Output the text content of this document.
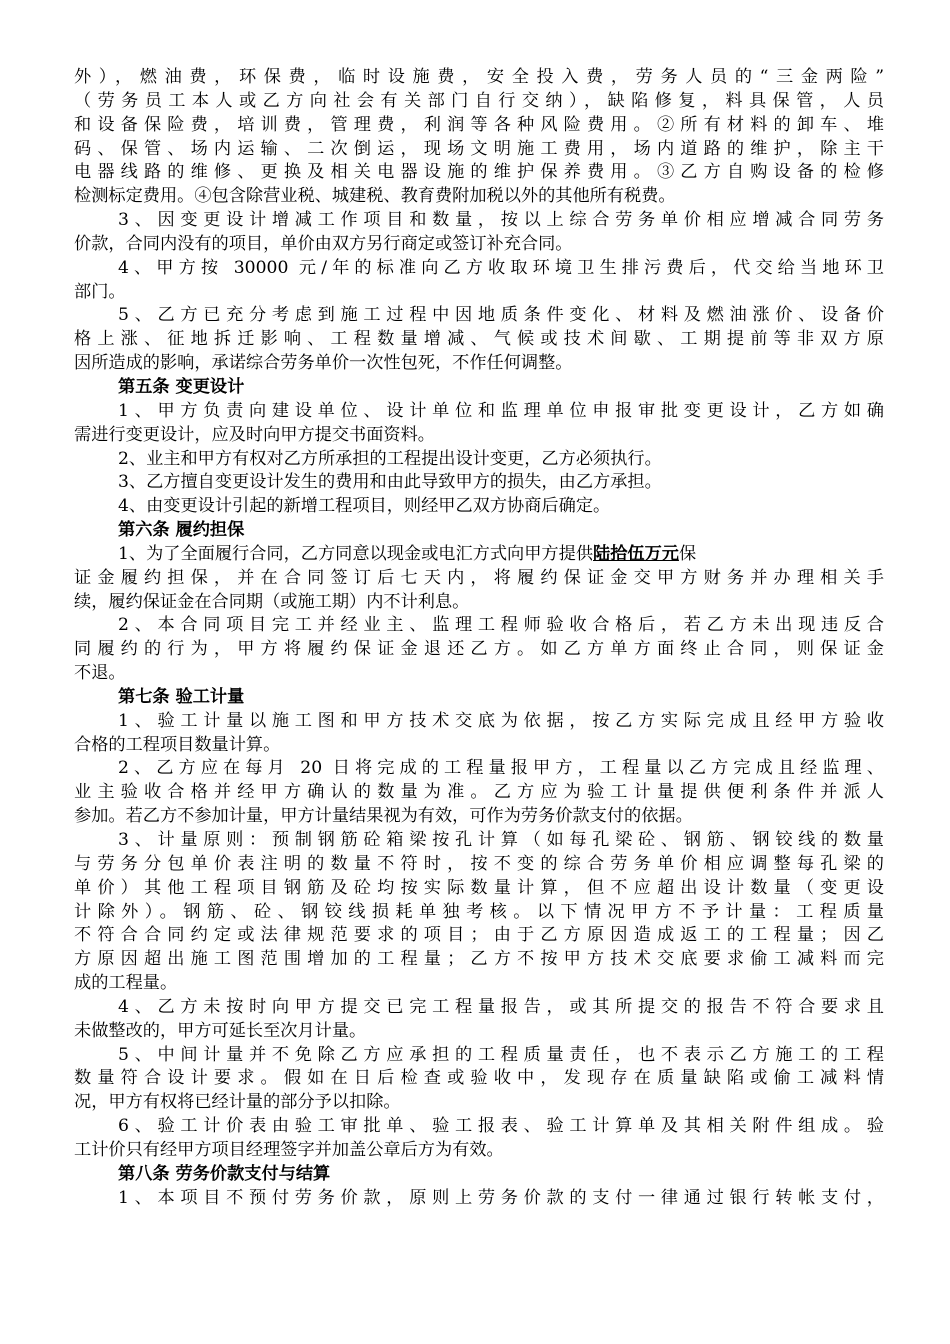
外），燃油费，环保费，临时设施费，安全投入费，劳务人员的“三金两险”
（劳务员工本人或乙方向社会有关部门自行交纳），缺陷修复，料具保管，人员
和设备保险费，培训费，管理费，利润等各种风险费用。②所有材料的卸车、堆
码、保管、场内运输、二次倒运，现场文明施工费用，场内道路的维护，除主干
电器线路的维修、更换及相关电器设施的维护保养费用。③乙方自购设备的检修
检测标定费用。④包含除营业税、城建税、教育费附加税以外的其他所有税费。
3、因变更设计增减工作项目和数量，按以上综合劳务单价相应增减合同劳务
价款，合同内没有的项目，单价由双方另行商定或签订补充合同。
4、甲方按 30000 元/年的标准向乙方收取环境卫生排污费后，代交给当地环卫
部门。
5、乙方已充分考虑到施工过程中因地质条件变化、材料及燃油涨价、设备价
格上涨、征地拆迁影响、工程数量增减、气候或技术间歇、工期提前等非双方原
因所造成的影响，承诺综合劳务单价一次性包死，不作任何调整。
第五条 变更设计
1、甲方负责向建设单位、设计单位和监理单位申报审批变更设计，乙方如确
需进行变更设计，应及时向甲方提交书面资料。
2、业主和甲方有权对乙方所承担的工程提出设计变更，乙方必须执行。
3、乙方擅自变更设计发生的费用和由此导致甲方的损失，由乙方承担。
4、由变更设计引起的新增工程项目，则经甲乙双方协商后确定。
第六条 履约担保
1、为了全面履行合同，乙方同意以现金或电汇方式向甲方提供陆拾伍万元保
证金履约担保，并在合同签订后七天内，将履约保证金交甲方财务并办理相关手
续，履约保证金在合同期（或施工期）内不计利息。
2、本合同项目完工并经业主、监理工程师验收合格后，若乙方未出现违反合
同履约的行为，甲方将履约保证金退还乙方。如乙方单方面终止合同，则保证金
不退。
第七条 验工计量
1、验工计量以施工图和甲方技术交底为依据，按乙方实际完成且经甲方验收
合格的工程项目数量计算。
2、乙方应在每月 20 日将完成的工程量报甲方，工程量以乙方完成且经监理、
业主验收合格并经甲方确认的数量为准。乙方应为验工计量提供便利条件并派人
参加。若乙方不参加计量，甲方计量结果视为有效，可作为劳务价款支付的依据。
3、计量原则：预制钢筋砼箱梁按孔计算（如每孔梁砼、钢筋、钢铰线的数量
与劳务分包单价表注明的数量不符时，按不变的综合劳务单价相应调整每孔梁的
单价）其他工程项目钢筋及砼均按实际数量计算，但不应超出设计数量（变更设
计除外）。钢筋、砼、钢铰线损耗单独考核。以下情况甲方不予计量：工程质量
不符合合同约定或法律规范要求的项目；由于乙方原因造成返工的工程量；因乙
方原因超出施工图范围增加的工程量；乙方不按甲方技术交底要求偷工减料而完
成的工程量。
4、乙方未按时向甲方提交已完工程量报告，或其所提交的报告不符合要求且
未做整改的，甲方可延长至次月计量。
5、中间计量并不免除乙方应承担的工程质量责任，也不表示乙方施工的工程
数量符合设计要求。假如在日后检查或验收中，发现存在质量缺陷或偷工减料情
况，甲方有权将已经计量的部分予以扣除。
6、验工计价表由验工审批单、验工报表、验工计算单及其相关附件组成。验
工计价只有经甲方项目经理签字并加盖公章后方为有效。
第八条 劳务价款支付与结算
1、本项目不预付劳务价款，原则上劳务价款的支付一律通过银行转帐支付，
